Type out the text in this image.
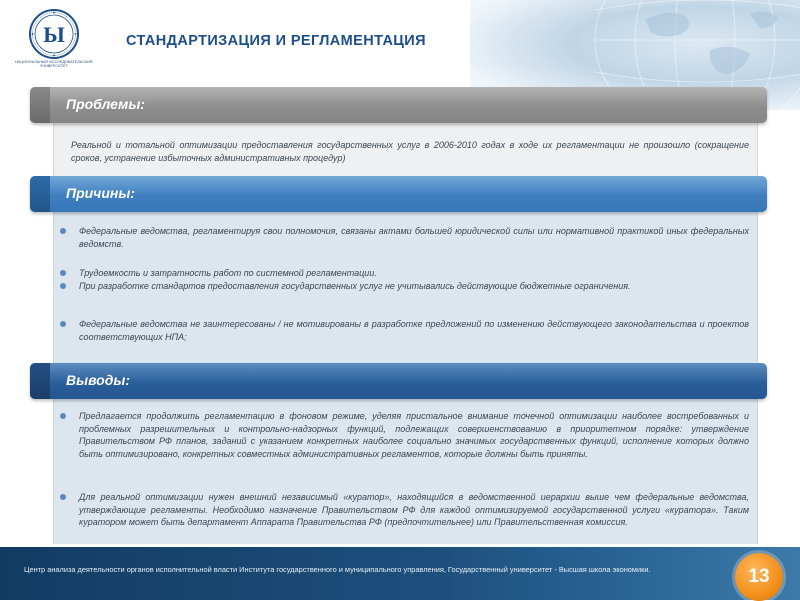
Ы
НАЦИОНАЛЬНЫЙ ИССЛЕДОВАТЕЛЬСКИЙ УНИВЕРСИТЕТ
СТАНДАРТИЗАЦИЯ И РЕГЛАМЕНТАЦИЯ
Проблемы:
Реальной и тотальной оптимизации предоставления государственных услуг в 2006-2010 годах в ходе их регламентации не произошло (сокращение сроков, устранение избыточных административных процедур)
Причины:
Федеральные ведомства, регламентируя свои полномочия, связаны актами большей юридической силы или нормативной практикой иных федеральных ведомств.
Трудоемкость и затратность работ по системной регламентации.
При разработке стандартов предоставления государственных услуг не учитывались действующие бюджетные ограничения.
Федеральные ведомства не заинтересованы / не мотивированы в разработке предложений по изменению действующего законодательства и проектов соответствующих НПА;
Выводы:
Предлагается продолжить регламентацию в фоновом режиме, уделяя пристальное внимание точечной оптимизации наиболее востребованных и проблемных разрешительных и контрольно-надзорных функций, подлежащих совершенствованию в приоритетном порядке: утверждение Правительством РФ планов, заданий с указанием конкретных наиболее социально значимых государственных функций, исполнение которых должно быть оптимизировано, конкретных совместных административных регламентов, которые должны быть приняты.
Для реальной оптимизации нужен внешний независимый «куратор», находящийся в ведомственной иерархии выше чем федеральные ведомства, утверждающие регламенты. Необходимо назначение Правительством РФ для каждой оптимизируемой государственной услуги «куратора». Таким куратором может быть департамент Аппарата Правительства РФ (предпочтительнее) или Правительственная комиссия.
Центр анализа деятельности органов исполнительной власти Института государственного и муниципального управления, Государственный университет - Высшая школа экономики.	13
